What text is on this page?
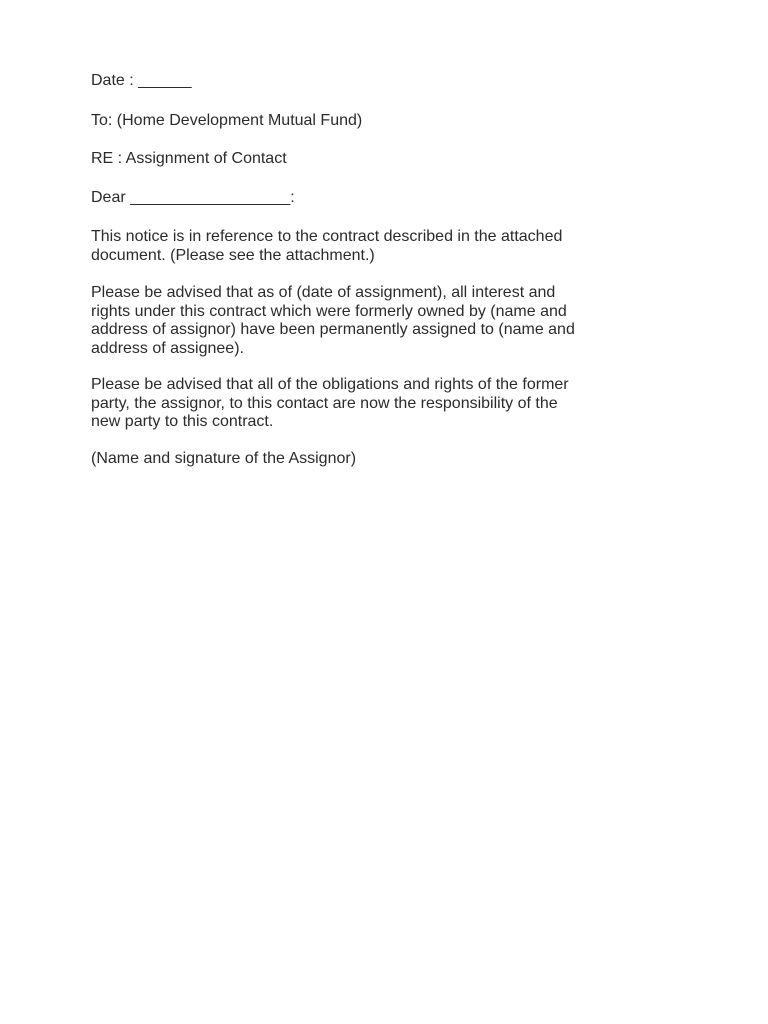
Date : ______

To: (Home Development Mutual Fund)

RE : Assignment of Contact

Dear __________________:

This notice is in reference to the contract described in the attached
document. (Please see the attachment.)
Please be advised that as of (date of assignment), all interest and
rights under this contract which were formerly owned by (name and
address of assignor) have been permanently assigned to (name and
address of assignee).
Please be advised that all of the obligations and rights of the former
party, the assignor, to this contact are now the responsibility of the
new party to this contract.

(Name and signature of the Assignor)
